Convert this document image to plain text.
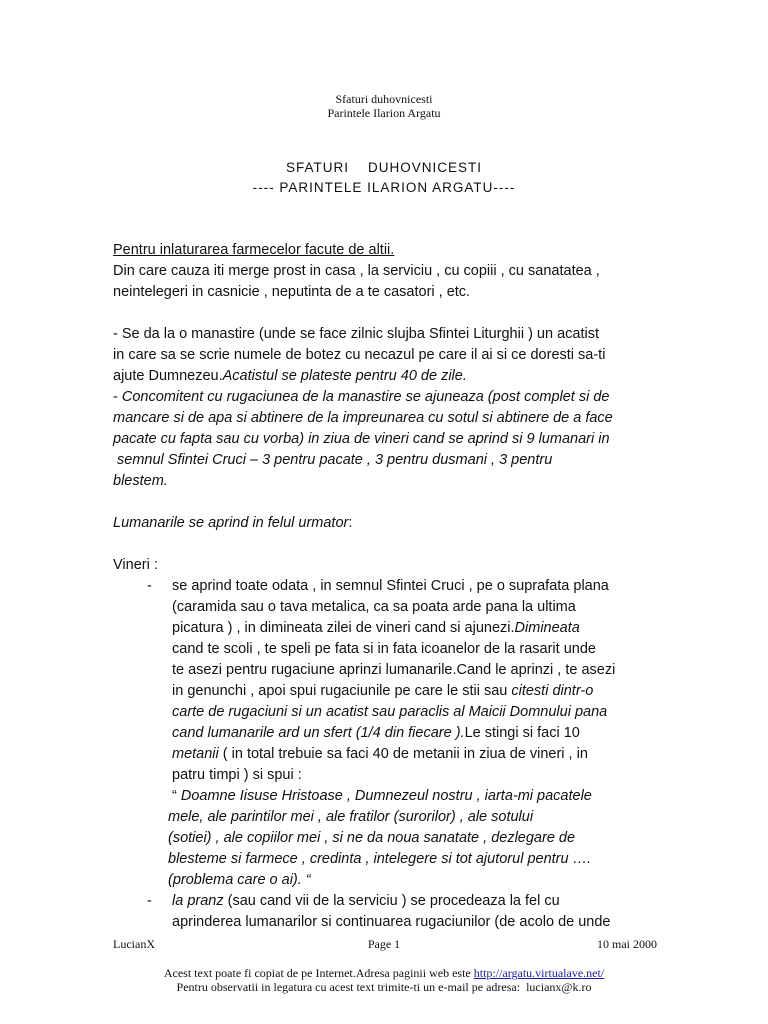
Sfaturi duhovnicesti
Parintele Ilarion Argatu
SFATURI    DUHOVNICESTI
---- PARINTELE ILARION ARGATU----
Pentru inlaturarea farmecelor facute de altii.
Din care cauza iti merge prost in casa , la serviciu , cu copiii , cu sanatatea ,
neintelegeri in casnicie , neputinta de a te casatori , etc.
- Se da la o manastire (unde se face zilnic slujba Sfintei Liturghii ) un acatist
in care sa se scrie numele de botez cu necazul pe care il ai si ce doresti sa-ti
ajute Dumnezeu.Acatistul se plateste pentru 40 de zile.
- Concomitent cu rugaciunea de la manastire se ajuneaza (post complet si de
mancare si de apa si abtinere de la impreunarea cu sotul si abtinere de a face
pacate cu fapta sau cu vorba) in ziua de vineri cand se aprind si 9 lumanari in
semnul Sfintei Cruci – 3 pentru pacate , 3 pentru dusmani , 3 pentru
blestem.
Lumanarile se aprind in felul urmator:
Vineri :
- se aprind toate odata , in semnul Sfintei Cruci , pe o suprafata plana
(caramida sau o tava metalica, ca sa poata arde pana la ultima
picatura ) , in dimineata zilei de vineri cand si ajunezi.Dimineata
cand te scoli , te speli pe fata si in fata icoanelor de la rasarit unde
te asezi pentru rugaciune aprinzi lumanarile.Cand le aprinzi , te asezi
in genunchi , apoi spui rugaciunile pe care le stii sau citesti dintr-o
carte de rugaciuni si un acatist sau paraclis al Maicii Domnului pana
cand lumanarile ard un sfert (1/4 din fiecare ).Le stingi si faci 10
metanii ( in total trebuie sa faci 40 de metanii in ziua de vineri , in
patru timpi ) si spui :
“ Doamne Iisuse Hristoase , Dumnezeul nostru , iarta-mi pacatele
mele, ale parintilor mei , ale fratilor (surorilor) , ale sotului
(sotiei) , ale copiilor mei , si ne da noua sanatate , dezlegare de
blesteme si farmece , credinta , intelegere si tot ajutorul pentru ….
(problema care o ai). “
- la pranz (sau cand vii de la serviciu ) se procedeaza la fel cu
aprinderea lumanarilor si continuarea rugaciunilor (de acolo de unde
LucianX	Page 1	10 mai 2000
Acest text poate fi copiat de pe Internet.Adresa paginii web este http://argatu.virtualave.net/
Pentru observatii in legatura cu acest text trimite-ti un e-mail pe adresa:  lucianx@k.ro
